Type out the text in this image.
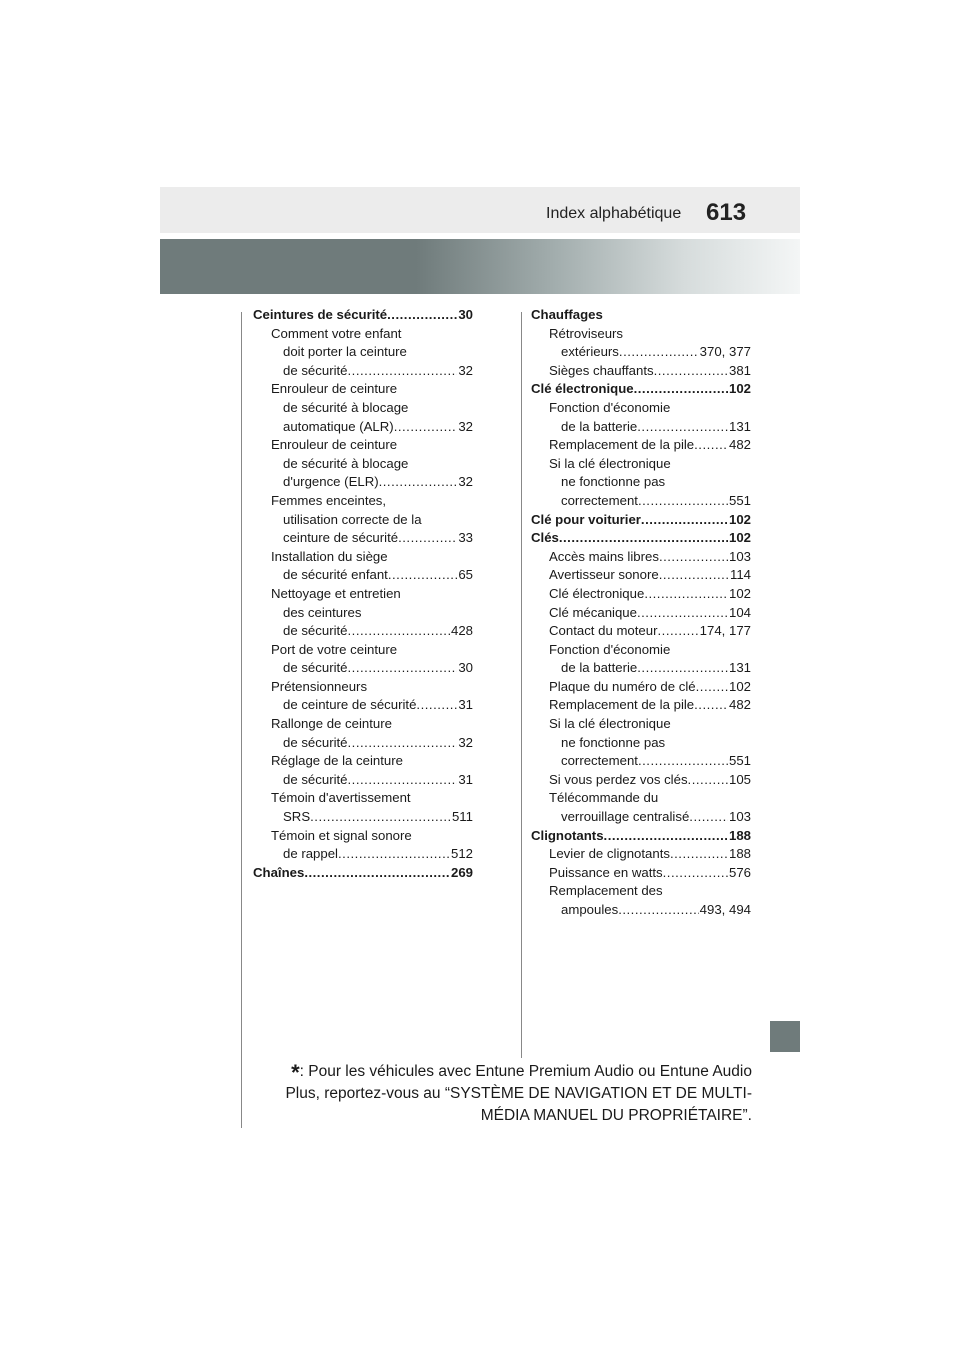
Index alphabétique 613
Ceintures de sécurité .....	30
Comment votre enfant
doit porter la ceinture
de sécurité .....	32
Enrouleur de ceinture
de sécurité à blocage
automatique (ALR) .....	32
Enrouleur de ceinture
de sécurité à blocage
d'urgence (ELR) .....	32
Femmes enceintes,
utilisation correcte de la
ceinture de sécurité .....	33
Installation du siège
de sécurité enfant .....	65
Nettoyage et entretien
des ceintures
de sécurité .....	428
Port de votre ceinture
de sécurité .....	30
Prétensionneurs
de ceinture de sécurité .....	31
Rallonge de ceinture
de sécurité .....	32
Réglage de la ceinture
de sécurité .....	31
Témoin d'avertissement
SRS .....	511
Témoin et signal sonore
de rappel .....	512
Chaînes .....	269
Chauffages
Rétroviseurs
extérieurs .....	370, 377
Sièges chauffants .....	381
Clé électronique .....	102
Fonction d'économie
de la batterie .....	131
Remplacement de la pile .....	482
Si la clé électronique
ne fonctionne pas
correctement .....	551
Clé pour voiturier .....	102
Clés .....	102
Accès mains libres .....	103
Avertisseur sonore .....	114
Clé électronique .....	102
Clé mécanique .....	104
Contact du moteur .....	174, 177
Fonction d'économie
de la batterie .....	131
Plaque du numéro de clé .....	102
Remplacement de la pile .....	482
Si la clé électronique
ne fonctionne pas
correctement .....	551
Si vous perdez vos clés .....	105
Télécommande du
verrouillage centralisé .....	103
Clignotants .....	188
Levier de clignotants .....	188
Puissance en watts .....	576
Remplacement des
ampoules .....	493, 494
*: Pour les véhicules avec Entune Premium Audio ou Entune Audio
Plus, reportez-vous au “SYSTÈME DE NAVIGATION ET DE MULTI-
MÉDIA MANUEL DU PROPRIÉTAIRE”.
